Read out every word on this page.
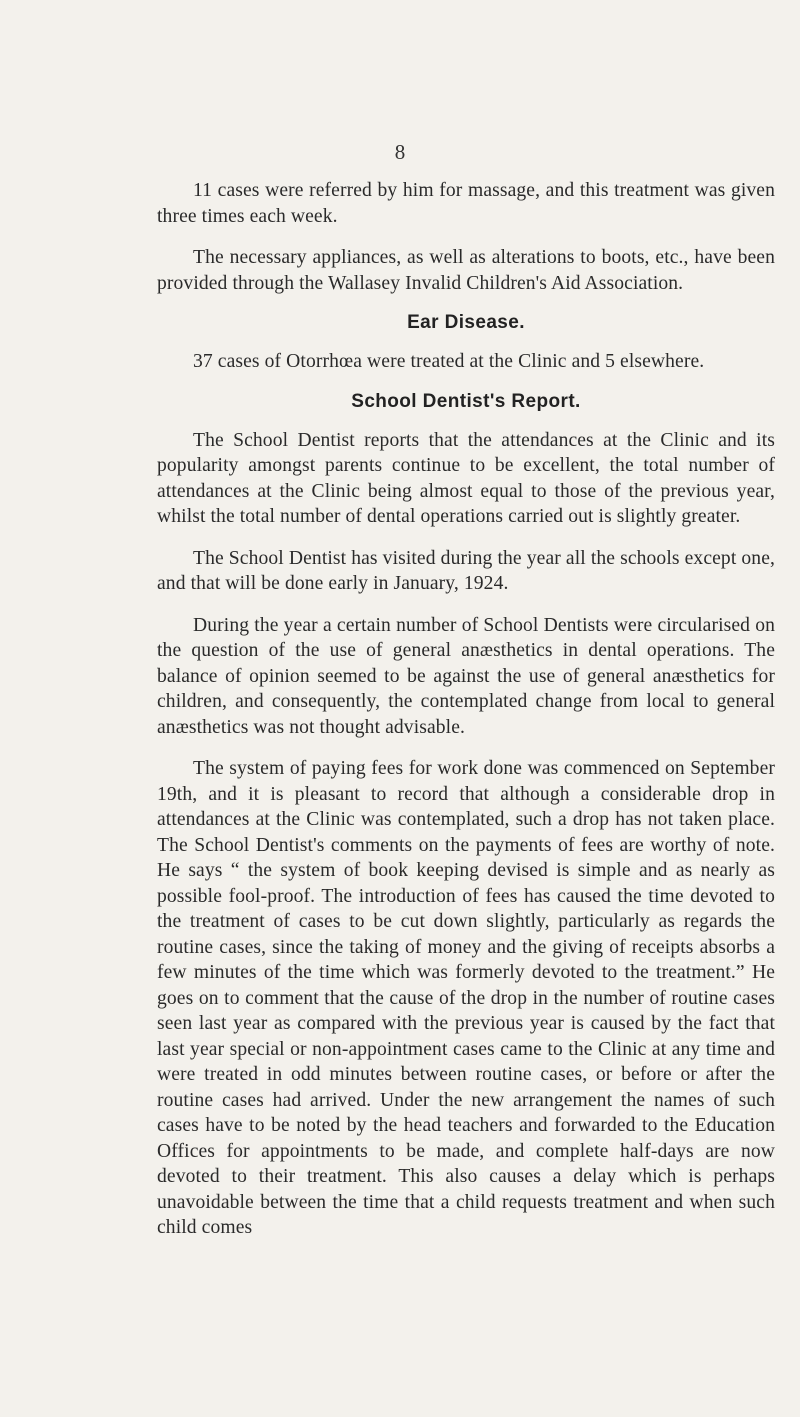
8

11 cases were referred by him for massage, and this treatment was given three times each week.

The necessary appliances, as well as alterations to boots, etc., have been provided through the Wallasey Invalid Children's Aid Association.

Ear Disease.

37 cases of Otorrhœa were treated at the Clinic and 5 elsewhere.

School Dentist's Report.

The School Dentist reports that the attendances at the Clinic and its popularity amongst parents continue to be excellent, the total number of attendances at the Clinic being almost equal to those of the previous year, whilst the total number of dental operations carried out is slightly greater.

The School Dentist has visited during the year all the schools except one, and that will be done early in January, 1924.

During the year a certain number of School Dentists were circularised on the question of the use of general anæsthetics in dental operations. The balance of opinion seemed to be against the use of general anæsthetics for children, and consequently, the contemplated change from local to general anæsthetics was not thought advisable.

The system of paying fees for work done was commenced on September 19th, and it is pleasant to record that although a considerable drop in attendances at the Clinic was contemplated, such a drop has not taken place. The School Dentist's comments on the payments of fees are worthy of note. He says “ the system of book keeping devised is simple and as nearly as possible fool-proof. The introduction of fees has caused the time devoted to the treatment of cases to be cut down slightly, particularly as regards the routine cases, since the taking of money and the giving of receipts absorbs a few minutes of the time which was formerly devoted to the treatment.” He goes on to comment that the cause of the drop in the number of routine cases seen last year as compared with the previous year is caused by the fact that last year special or non-appointment cases came to the Clinic at any time and were treated in odd minutes between routine cases, or before or after the routine cases had arrived. Under the new arrangement the names of such cases have to be noted by the head teachers and forwarded to the Education Offices for appointments to be made, and complete half-days are now devoted to their treatment. This also causes a delay which is perhaps unavoidable between the time that a child requests treatment and when such child comes
